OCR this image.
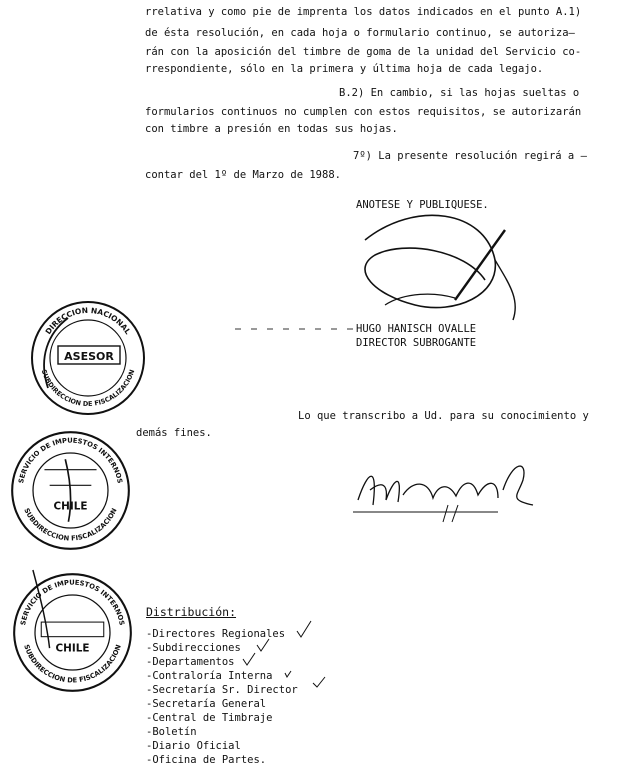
rrelativa y como pie de imprenta los datos indicados en el punto A.1)
de ésta resolución, en cada hoja o formulario continuo, se autoriza—
rán con la aposición del timbre de goma de la unidad del Servicio co-
rrespondiente, sólo en la primera y última hoja de cada legajo.
B.2) En cambio, si las hojas sueltas o
formularios continuos no cumplen con estos requisitos, se autorizarán
con timbre a presión en todas sus hojas.
7º) La presente resolución regirá a —
contar del 1º de Marzo de 1988.
ANOTESE Y PUBLIQUESE.
HUGO HANISCH OVALLE
DIRECTOR SUBROGANTE
Lo que transcribo a Ud. para su conocimiento y
demás fines.
DIRECCION NACIONAL
SUBDIRECCION DE FISCALIZACION
ASESOR
SERVICIO DE IMPUESTOS INTERNOS
SUBDIRECCION FISCALIZACION
CHILE
SERVICIO DE IMPUESTOS INTERNOS
SUBDIRECCION DE FISCALIZACION
CHILE
Distribución:
-Directores Regionales
-Subdirecciones
-Departamentos
-Contraloría Interna
-Secretaría Sr. Director
-Secretaría General
-Central de Timbraje
-Boletín
-Diario Oficial
-Oficina de Partes.
